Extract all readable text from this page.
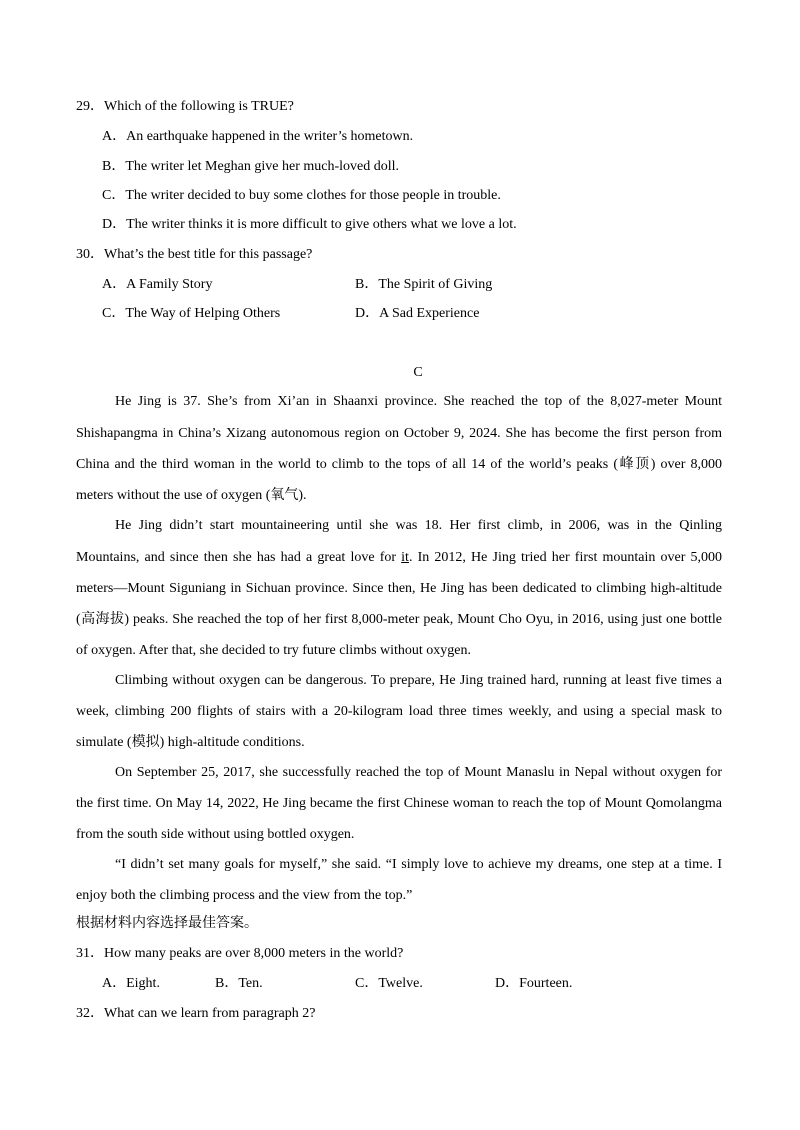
29．Which of the following is TRUE?
A．An earthquake happened in the writer’s hometown.
B．The writer let Meghan give her much-loved doll.
C．The writer decided to buy some clothes for those people in trouble.
D．The writer thinks it is more difficult to give others what we love a lot.
30．What’s the best title for this passage?
A．A Family Story	B．The Spirit of Giving
C．The Way of Helping Others	D．A Sad Experience
C
He Jing is 37. She’s from Xi’an in Shaanxi province. She reached the top of the 8,027-meter Mount
Shishapangma in China’s Xizang autonomous region on October 9, 2024. She has become the first person from
China and the third woman in the world to climb to the tops of all 14 of the world’s peaks (峰顶) over 8,000
meters without the use of oxygen (氧气).
He Jing didn’t start mountaineering until she was 18. Her first climb, in 2006, was in the Qinling
Mountains, and since then she has had a great love for it. In 2012, He Jing tried her first mountain over 5,000
meters—Mount Siguniang in Sichuan province. Since then, He Jing has been dedicated to climbing high-altitude
(高海拔) peaks. She reached the top of her first 8,000-meter peak, Mount Cho Oyu, in 2016, using just one bottle
of oxygen. After that, she decided to try future climbs without oxygen.
Climbing without oxygen can be dangerous. To prepare, He Jing trained hard, running at least five times a
week, climbing 200 flights of stairs with a 20-kilogram load three times weekly, and using a special mask to
simulate (模拟) high-altitude conditions.
On September 25, 2017, she successfully reached the top of Mount Manaslu in Nepal without oxygen for
the first time. On May 14, 2022, He Jing became the first Chinese woman to reach the top of Mount Qomolangma
from the south side without using bottled oxygen.
“I didn’t set many goals for myself,” she said. “I simply love to achieve my dreams, one step at a time. I
enjoy both the climbing process and the view from the top.”
根据材料内容选择最佳答案。
31．How many peaks are over 8,000 meters in the world?
A．Eight.	B．Ten.	C．Twelve.	D．Fourteen.
32．What can we learn from paragraph 2?
